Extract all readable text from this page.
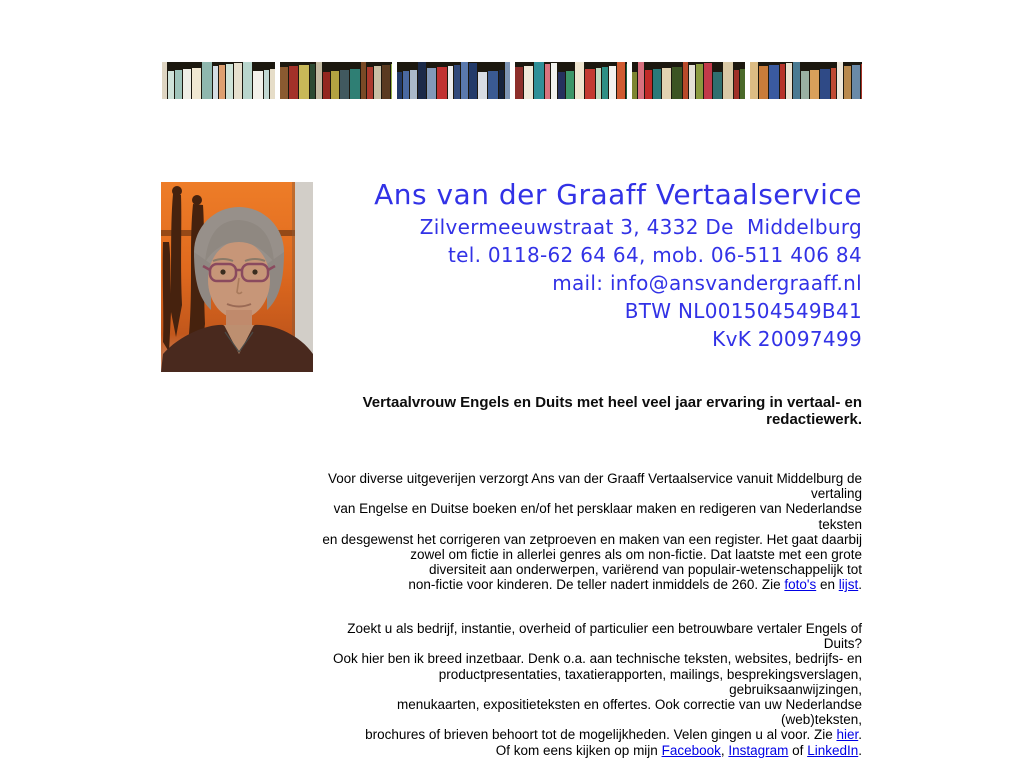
Ans van der Graaff Vertaalservice
Zilvermeeuwstraat 3, 4332 De  Middelburg
tel. 0118-62 64 64, mob. 06-511 406 84
mail: info@ansvandergraaff.nl
BTW NL001504549B41
KvK 20097499
Vertaalvrouw Engels en Duits met heel veel jaar ervaring in vertaal- en
redactiewerk.
Voor diverse uitgeverijen verzorgt Ans van der Graaff Vertaalservice vanuit Middelburg de
vertaling
van Engelse en Duitse boeken en/of het persklaar maken en redigeren van Nederlandse
teksten
en desgewenst het corrigeren van zetproeven en maken van een register. Het gaat daarbij
zowel om fictie in allerlei genres als om non-fictie. Dat laatste met een grote
diversiteit aan onderwerpen, variërend van populair-wetenschappelijk tot
non-fictie voor kinderen. De teller nadert inmiddels de 260. Zie foto's en lijst.
Zoekt u als bedrijf, instantie, overheid of particulier een betrouwbare vertaler Engels of
Duits?
Ook hier ben ik breed inzetbaar. Denk o.a. aan technische teksten, websites, bedrijfs- en
productpresentaties, taxatierapporten, mailings, besprekingsverslagen,
gebruiksaanwijzingen,
menukaarten, expositieteksten en offertes. Ook correctie van uw Nederlandse
(web)teksten,
brochures of brieven behoort tot de mogelijkheden. Velen gingen u al voor. Zie hier.
Of kom eens kijken op mijn Facebook, Instagram of LinkedIn.
